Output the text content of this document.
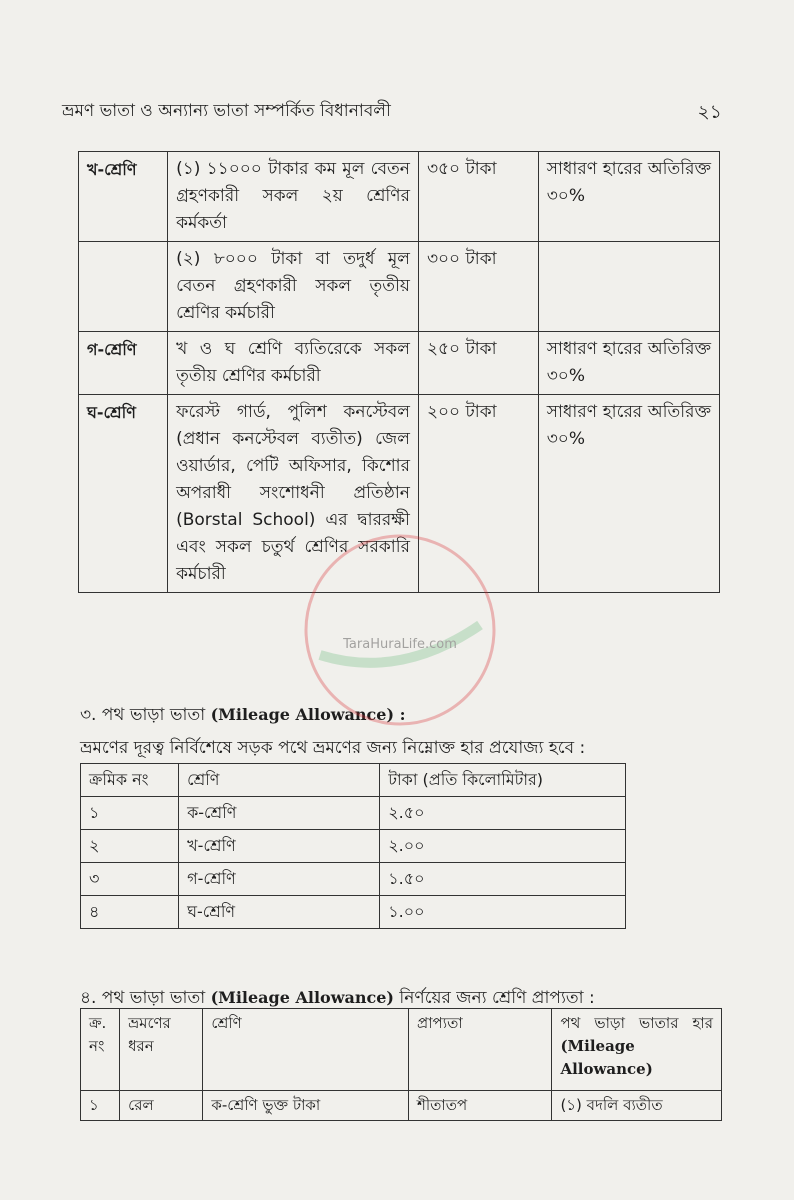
ভ্রমণ ভাতা ও অন্যান্য ভাতা সম্পর্কিত বিধানাবলী	২১
খ-শ্রেণি	(১) ১১০০০ টাকার কম মূল বেতন গ্রহণকারী সকল ২য় শ্রেণির কর্মকর্তা	৩৫০ টাকা	সাধারণ হারের অতিরিক্ত ৩০%
	(২) ৮০০০ টাকা বা তদুর্ধ মূল বেতন গ্রহণকারী সকল তৃতীয় শ্রেণির কর্মচারী	৩০০ টাকা	
গ-শ্রেণি	খ ও ঘ শ্রেণি ব্যতিরেকে সকল তৃতীয় শ্রেণির কর্মচারী	২৫০ টাকা	সাধারণ হারের অতিরিক্ত ৩০%
ঘ-শ্রেণি	ফরেস্ট গার্ড, পুলিশ কনস্টেবল (প্রধান কনস্টেবল ব্যতীত) জেল ওয়ার্ডার, পেটি অফিসার, কিশোর অপরাধী সংশোধনী প্রতিষ্ঠান (Borstal School) এর দ্বাররক্ষী এবং সকল চতুর্থ শ্রেণির সরকারি কর্মচারী	২০০ টাকা	সাধারণ হারের অতিরিক্ত ৩০%
৩. পথ ভাড়া ভাতা (Mileage Allowance) :
ভ্রমণের দূরত্ব নির্বিশেষে সড়ক পথে ভ্রমণের জন্য নিম্নোক্ত হার প্রযোজ্য হবে :
ক্রমিক নং	শ্রেণি	টাকা (প্রতি কিলোমিটার)
১	ক-শ্রেণি	২.৫০
২	খ-শ্রেণি	২.০০
৩	গ-শ্রেণি	১.৫০
৪	ঘ-শ্রেণি	১.০০
৪. পথ ভাড়া ভাতা (Mileage Allowance) নির্ণয়ের জন্য শ্রেণি প্রাপ্যতা :
ক্র. নং	ভ্রমণের ধরন	শ্রেণি	প্রাপ্যতা	পথ ভাড়া ভাতার হার (Mileage Allowance)
১	রেল	ক-শ্রেণি ভুক্ত টাকা	শীতাতপ	(১) বদলি ব্যতীত
TaraHuraLife.com
